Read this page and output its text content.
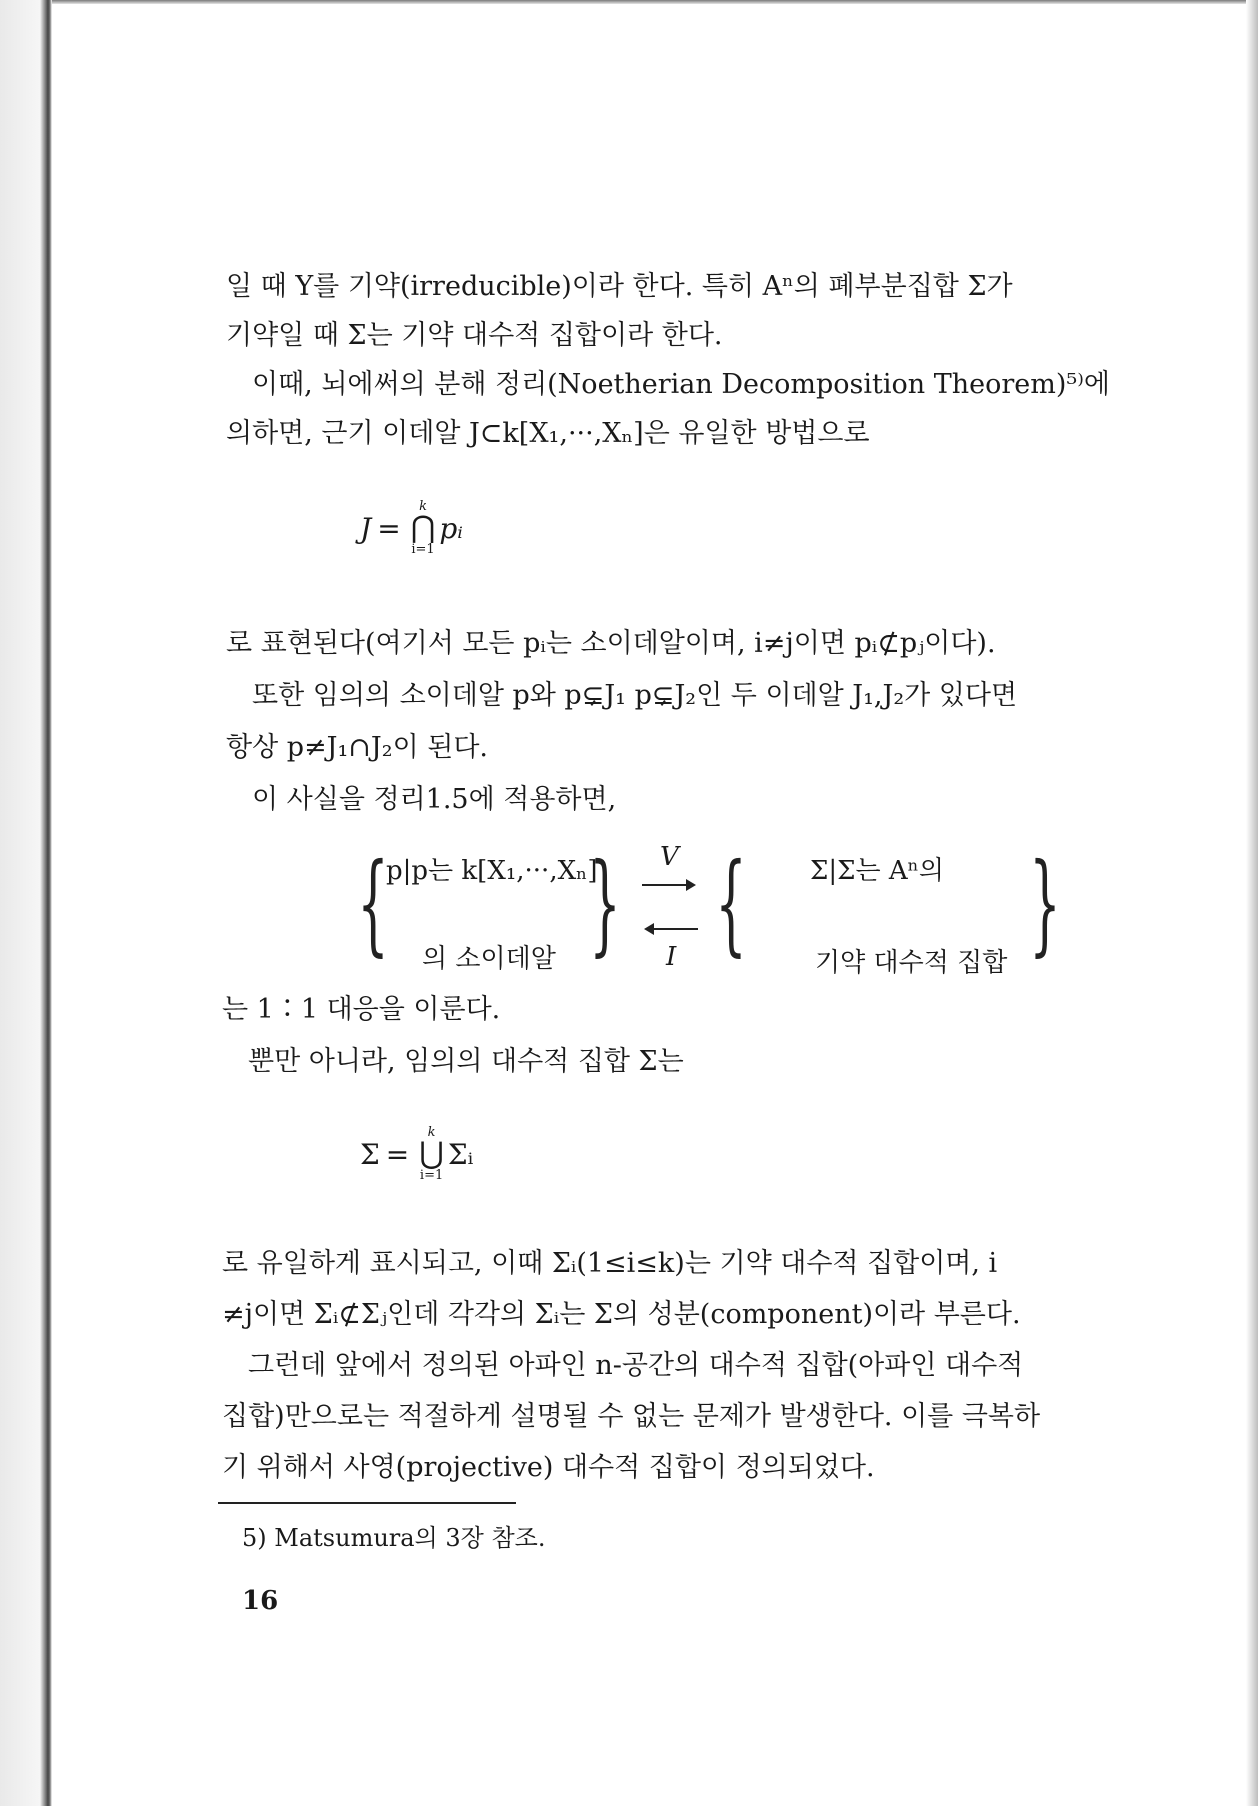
일 때 Y를 기약(irreducible)이라 한다. 특히 Aⁿ의 폐부분집합 Σ가

기약일 때 Σ는 기약 대수적 집합이라 한다.

이때, 뇌에써의 분해 정리(Noetherian Decomposition Theorem)⁵⁾에

의하면, 근기 이데알 J⊂k[X₁,···,Xₙ]은 유일한 방법으로

J =
k
⋂
i=1
pᵢ

로 표현된다(여기서 모든 pᵢ는 소이데알이며, i≠j이면 pᵢ⊄pⱼ이다).

또한 임의의 소이데알 p와 p⊊J₁ p⊊J₂인 두 이데알 J₁,J₂가 있다면

항상 p≠J₁∩J₂이 된다.

이 사실을 정리1.5에 적용하면,

{
p|p는 k[X₁,···,Xₙ]
의 소이데알 } V
I { Σ|Σ는 Aⁿ의
기약 대수적 집합 }

는 1∶1 대응을 이룬다.

뿐만 아니라, 임의의 대수적 집합 Σ는

Σ =
k
⋃
i=1
Σᵢ

로 유일하게 표시되고, 이때 Σᵢ(1≤i≤k)는 기약 대수적 집합이며, i

≠j이면 Σᵢ⊄Σⱼ인데 각각의 Σᵢ는 Σ의 성분(component)이라 부른다.

그런데 앞에서 정의된 아파인 n-공간의 대수적 집합(아파인 대수적

집합)만으로는 적절하게 설명될 수 없는 문제가 발생한다. 이를 극복하

기 위해서 사영(projective) 대수적 집합이 정의되었다.

5) Matsumura의 3장 참조.
16
